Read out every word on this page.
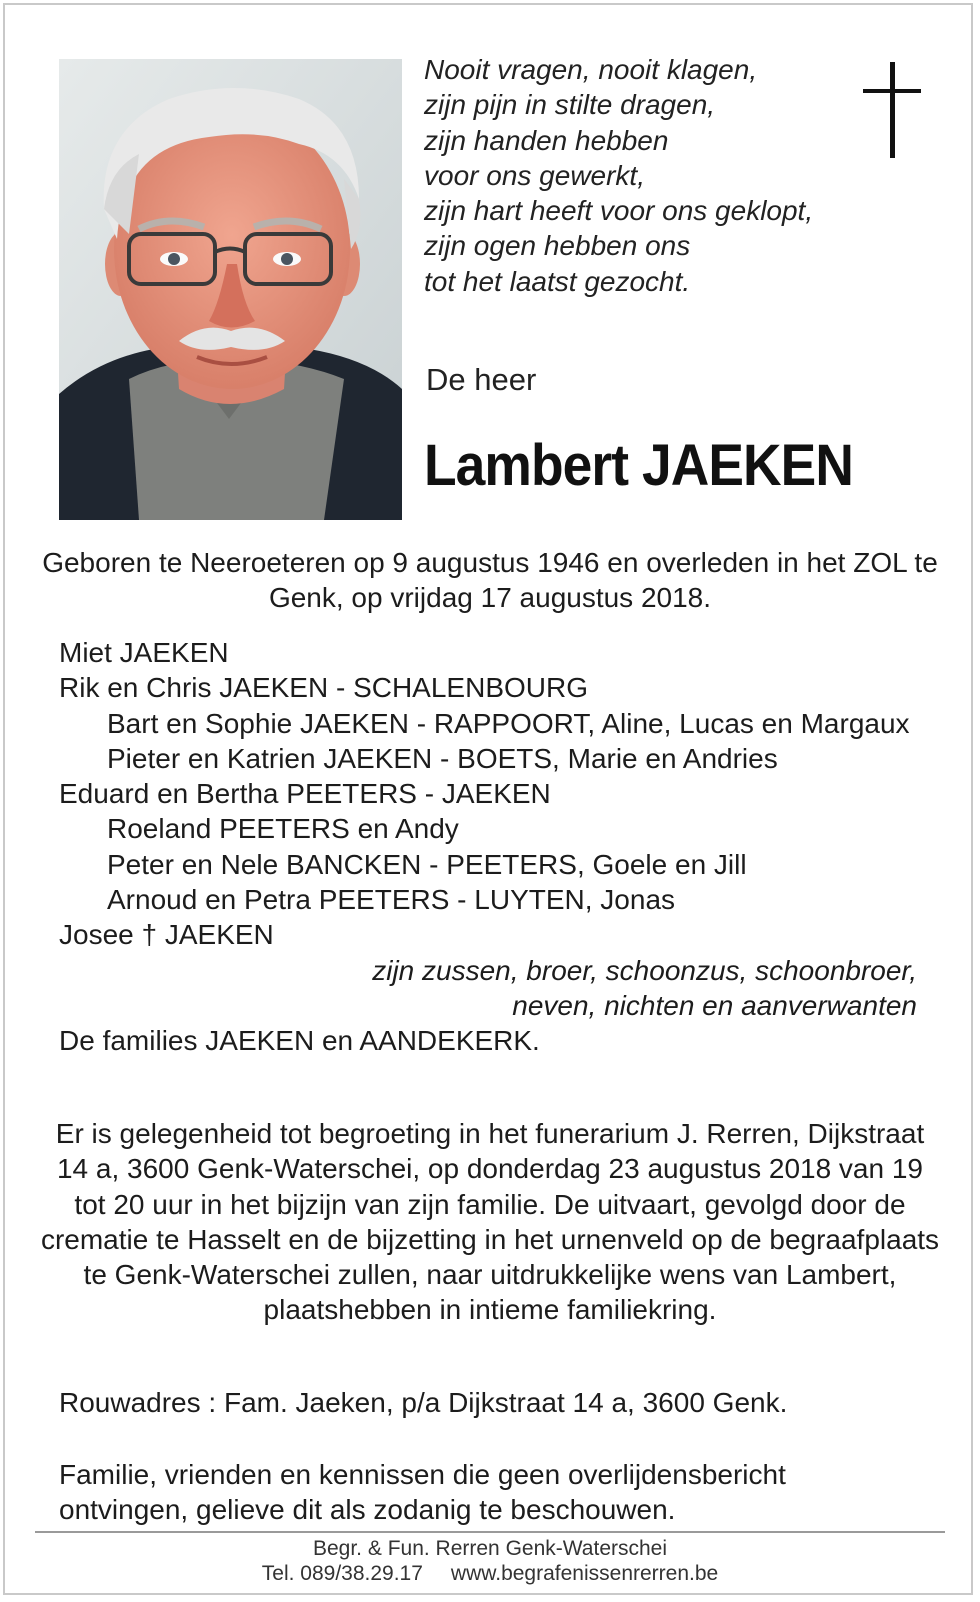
Nooit vragen, nooit klagen,
zijn pijn in stilte dragen,
zijn handen hebben
voor ons gewerkt,
zijn hart heeft voor ons geklopt,
zijn ogen hebben ons
tot het laatst gezocht.
De heer
Lambert JAEKEN
Geboren te Neeroeteren op 9 augustus 1946 en overleden in het ZOL te Genk, op vrijdag 17 augustus 2018.
Miet JAEKEN
Rik en Chris JAEKEN - SCHALENBOURG
Bart en Sophie JAEKEN - RAPPOORT, Aline, Lucas en Margaux
Pieter en Katrien JAEKEN - BOETS, Marie en Andries
Eduard en Bertha PEETERS - JAEKEN
Roeland PEETERS en Andy
Peter en Nele BANCKEN - PEETERS, Goele en Jill
Arnoud en Petra PEETERS - LUYTEN, Jonas
Josee † JAEKEN
zijn zussen, broer, schoonzus, schoonbroer,
neven, nichten en aanverwanten
De families JAEKEN en AANDEKERK.
Er is gelegenheid tot begroeting in het funerarium J. Rerren, Dijkstraat 14 a, 3600 Genk-Waterschei, op donderdag 23 augustus 2018 van 19 tot 20 uur in het bijzijn van zijn familie. De uitvaart, gevolgd door de crematie te Hasselt en de bijzetting in het urnenveld op de begraafplaats te Genk-Waterschei zullen, naar uitdrukkelijke wens van Lambert, plaatshebben in intieme familiekring.
Rouwadres : Fam. Jaeken, p/a Dijkstraat 14 a, 3600 Genk.
Familie, vrienden en kennissen die geen overlijdensbericht
ontvingen, gelieve dit als zodanig te beschouwen.
Begr. & Fun. Rerren Genk-Waterschei
Tel. 089/38.29.17 www.begrafenissenrerren.be
